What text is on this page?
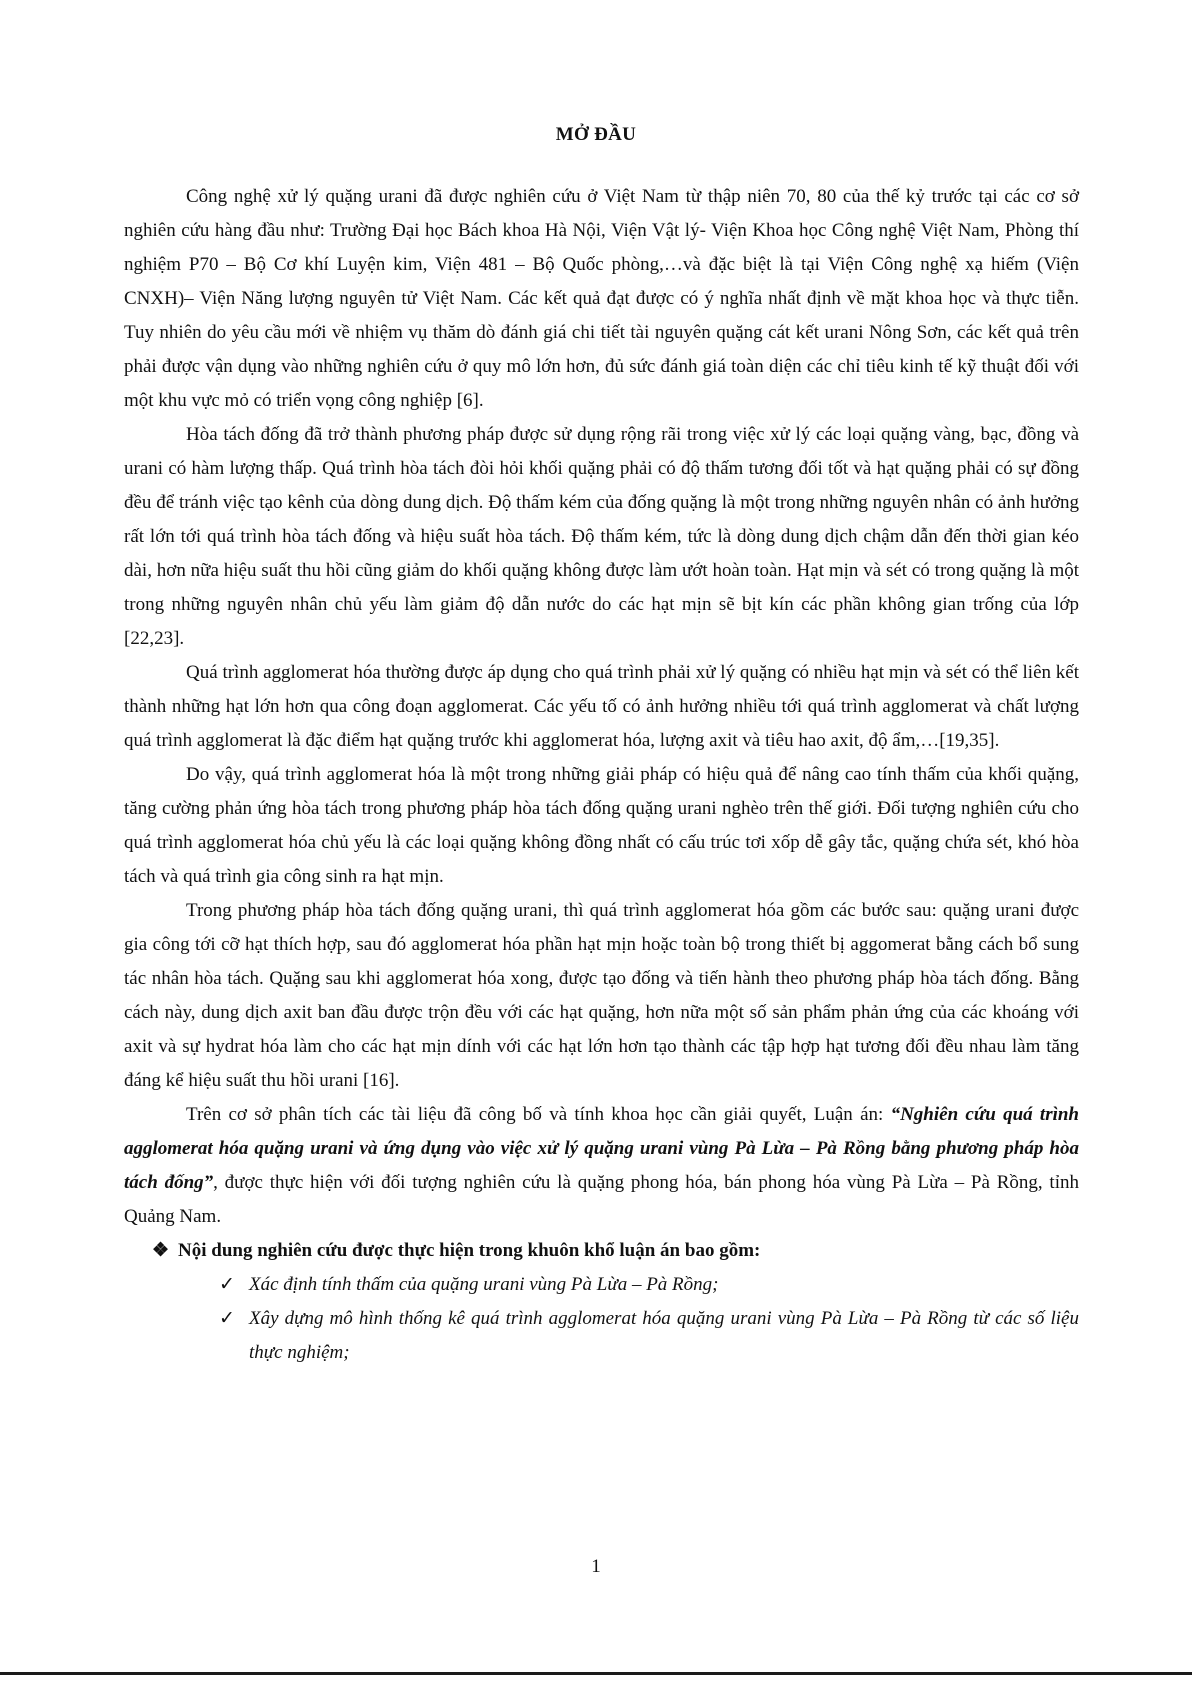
MỞ ĐẦU

Công nghệ xử lý quặng urani đã được nghiên cứu ở Việt Nam từ thập niên 70, 80 của thế kỷ trước tại các cơ sở nghiên cứu hàng đầu như: Trường Đại học Bách khoa Hà Nội, Viện Vật lý- Viện Khoa học Công nghệ Việt Nam, Phòng thí nghiệm P70 – Bộ Cơ khí Luyện kim, Viện 481 – Bộ Quốc phòng,…và đặc biệt là tại Viện Công nghệ xạ hiếm (Viện CNXH)– Viện Năng lượng nguyên tử Việt Nam. Các kết quả đạt được có ý nghĩa nhất định về mặt khoa học và thực tiễn. Tuy nhiên do yêu cầu mới về nhiệm vụ thăm dò đánh giá chi tiết tài nguyên quặng cát kết urani Nông Sơn, các kết quả trên phải được vận dụng vào những nghiên cứu ở quy mô lớn hơn, đủ sức đánh giá toàn diện các chỉ tiêu kinh tế kỹ thuật đối với một khu vực mỏ có triển vọng công nghiệp [6].

Hòa tách đống đã trở thành phương pháp được sử dụng rộng rãi trong việc xử lý các loại quặng vàng, bạc, đồng và urani có hàm lượng thấp. Quá trình hòa tách đòi hỏi khối quặng phải có độ thấm tương đối tốt và hạt quặng phải có sự đồng đều để tránh việc tạo kênh của dòng dung dịch. Độ thấm kém của đống quặng là một trong những nguyên nhân có ảnh hưởng rất lớn tới quá trình hòa tách đống và hiệu suất hòa tách. Độ thấm kém, tức là dòng dung dịch chậm dẫn đến thời gian kéo dài, hơn nữa hiệu suất thu hồi cũng giảm do khối quặng không được làm ướt hoàn toàn. Hạt mịn và sét có trong quặng là một trong những nguyên nhân chủ yếu làm giảm độ dẫn nước do các hạt mịn sẽ bịt kín các phần không gian trống của lớp [22,23].

Quá trình agglomerat hóa thường được áp dụng cho quá trình phải xử lý quặng có nhiều hạt mịn và sét có thể liên kết thành những hạt lớn hơn qua công đoạn agglomerat. Các yếu tố có ảnh hưởng nhiều tới quá trình agglomerat và chất lượng quá trình agglomerat là đặc điểm hạt quặng trước khi agglomerat hóa, lượng axit và tiêu hao axit, độ ẩm,…[19,35].

Do vậy, quá trình agglomerat hóa là một trong những giải pháp có hiệu quả để nâng cao tính thấm của khối quặng, tăng cường phản ứng hòa tách trong phương pháp hòa tách đống quặng urani nghèo trên thế giới. Đối tượng nghiên cứu cho quá trình agglomerat hóa chủ yếu là các loại quặng không đồng nhất có cấu trúc tơi xốp dễ gây tắc, quặng chứa sét, khó hòa tách và quá trình gia công sinh ra hạt mịn.

Trong phương pháp hòa tách đống quặng urani, thì quá trình agglomerat hóa gồm các bước sau: quặng urani được gia công tới cỡ hạt thích hợp, sau đó agglomerat hóa phần hạt mịn hoặc toàn bộ trong thiết bị aggomerat bằng cách bổ sung tác nhân hòa tách. Quặng sau khi agglomerat hóa xong, được tạo đống và tiến hành theo phương pháp hòa tách đống. Bằng cách này, dung dịch axit ban đầu được trộn đều với các hạt quặng, hơn nữa một số sản phẩm phản ứng của các khoáng với axit và sự hydrat hóa làm cho các hạt mịn dính với các hạt lớn hơn tạo thành các tập hợp hạt tương đối đều nhau làm tăng đáng kể hiệu suất thu hồi urani [16].

Trên cơ sở phân tích các tài liệu đã công bố và tính khoa học cần giải quyết, Luận án: “Nghiên cứu quá trình agglomerat hóa quặng urani và ứng dụng vào việc xử lý quặng urani vùng Pà Lừa – Pà Rồng bằng phương pháp hòa tách đống”, được thực hiện với đối tượng nghiên cứu là quặng phong hóa, bán phong hóa vùng Pà Lừa – Pà Rồng, tỉnh Quảng Nam.

❖ Nội dung nghiên cứu được thực hiện trong khuôn khổ luận án bao gồm:
✓ Xác định tính thấm của quặng urani vùng Pà Lừa – Pà Rồng;
✓ Xây dựng mô hình thống kê quá trình agglomerat hóa quặng urani vùng Pà Lừa – Pà Rồng từ các số liệu thực nghiệm;
1
